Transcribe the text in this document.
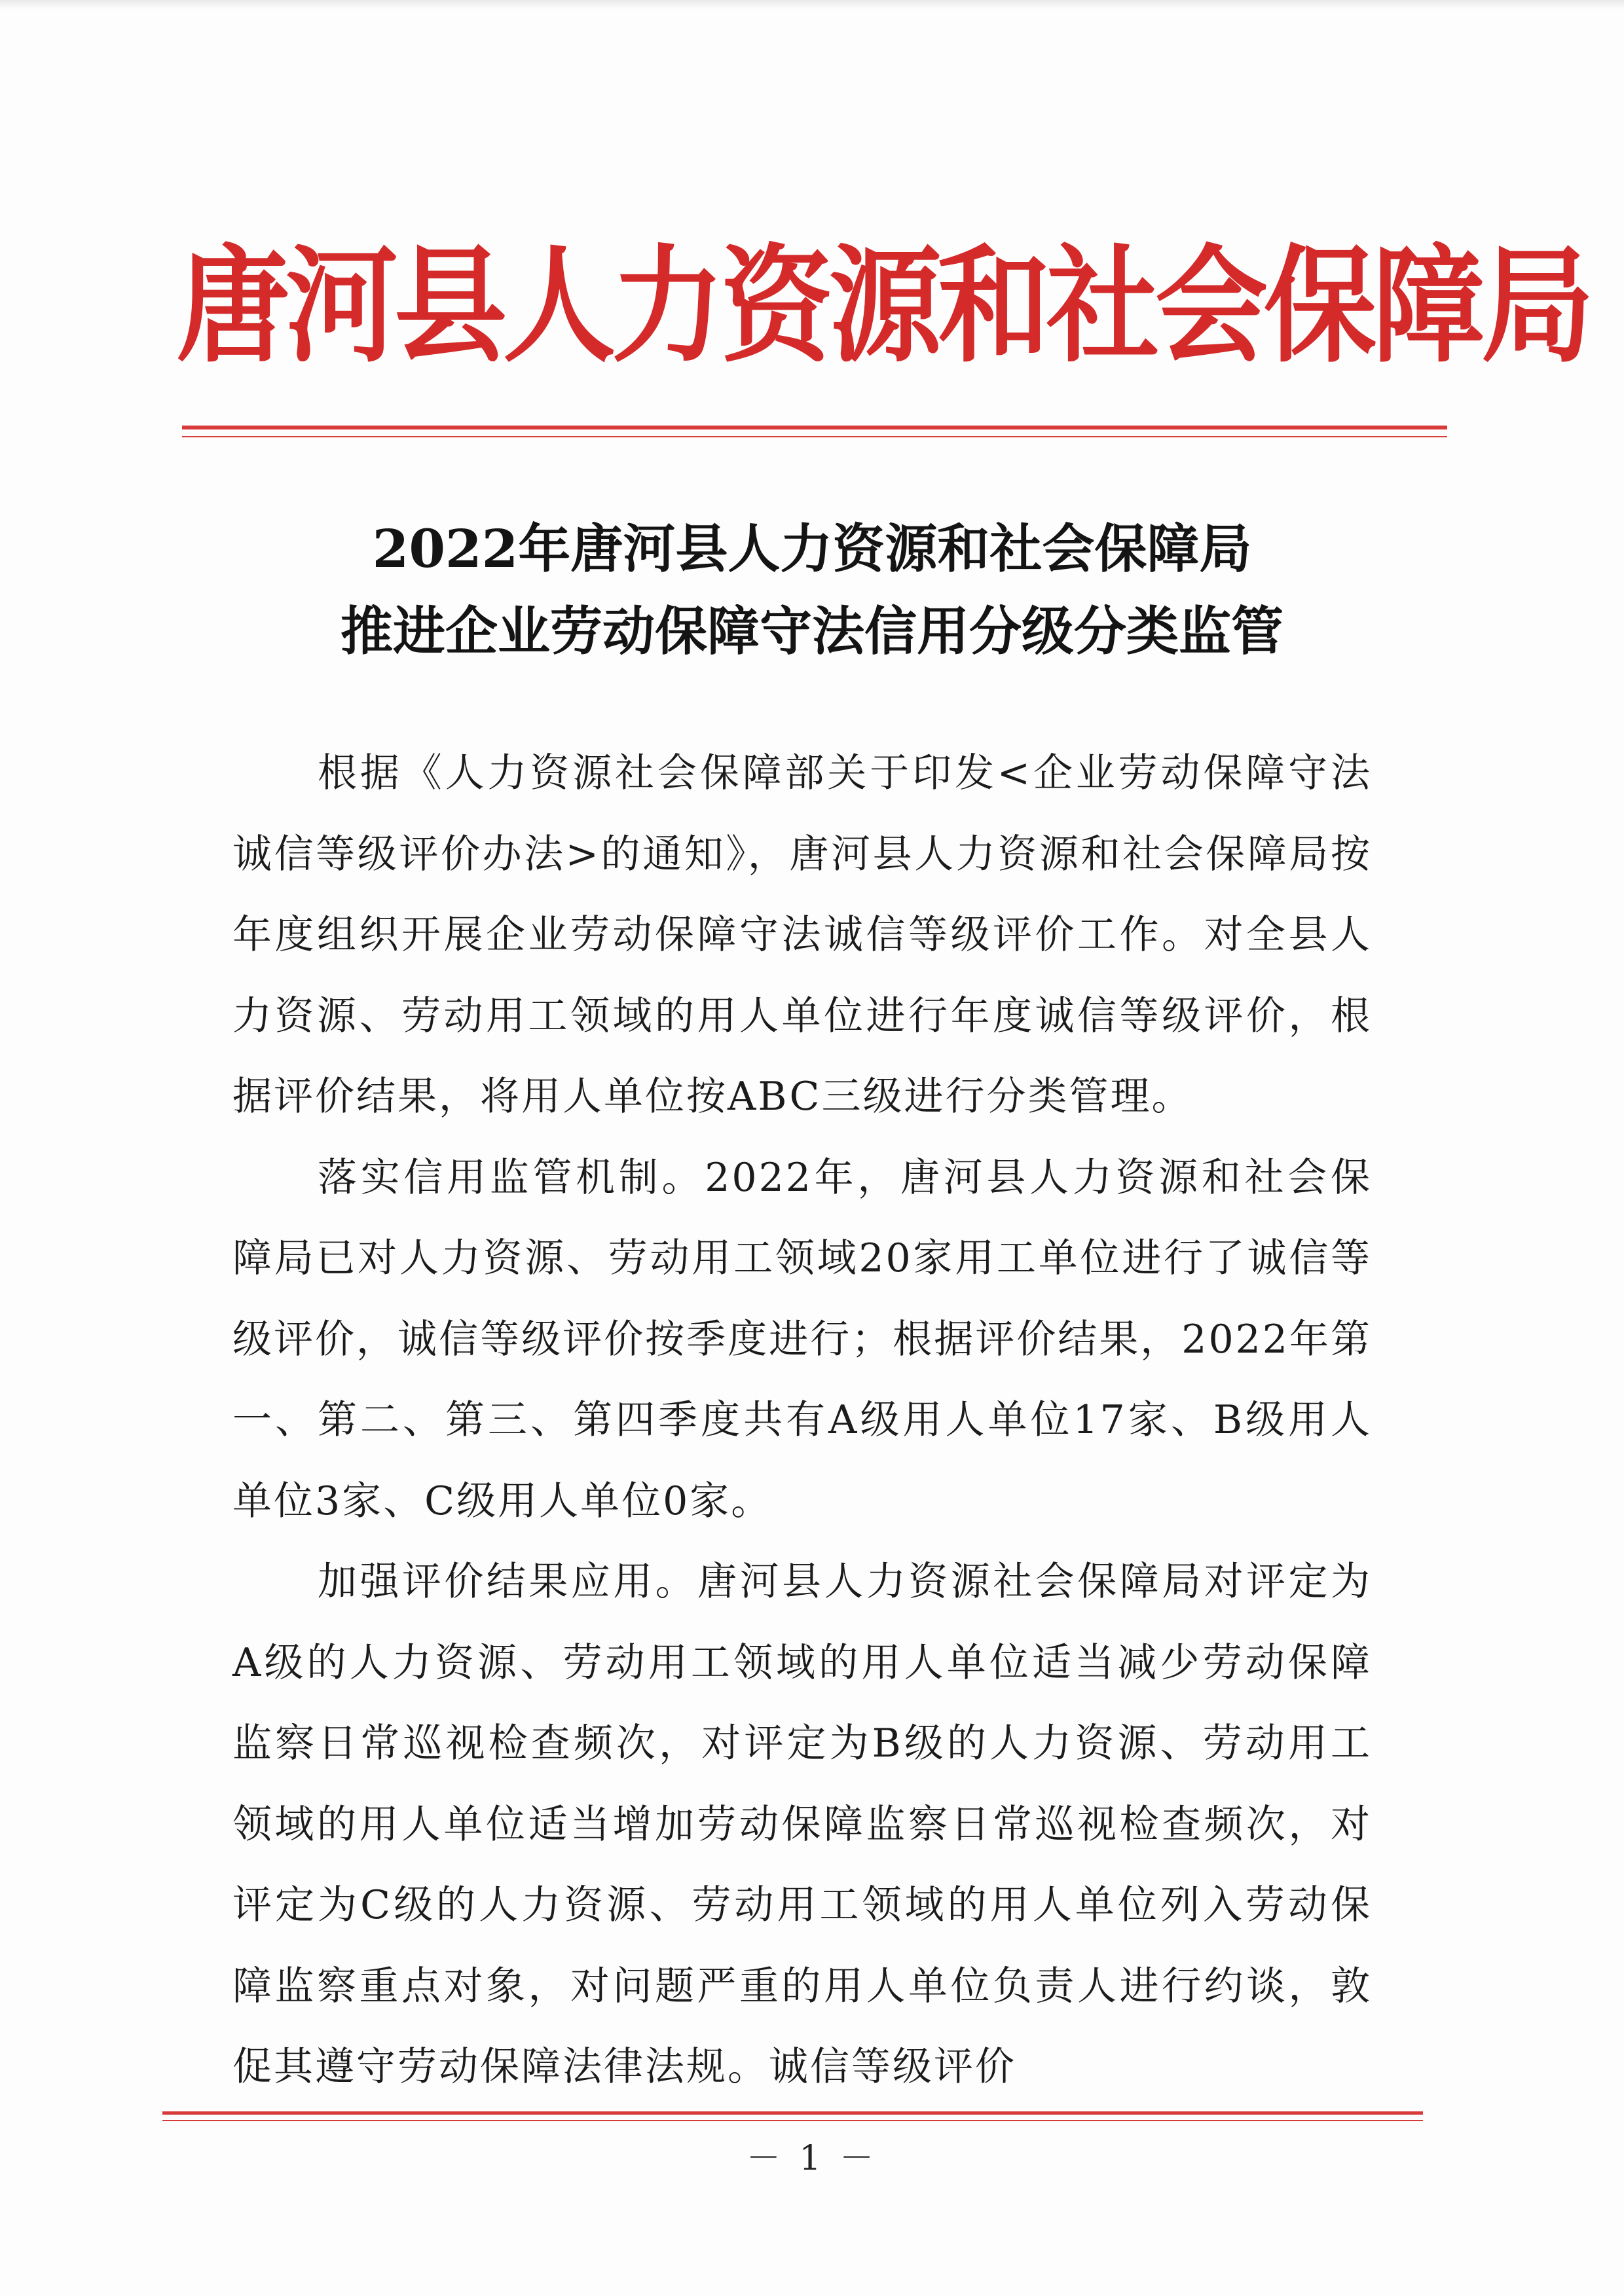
唐河县人力资源和社会保障局
2022年唐河县人力资源和社会保障局
推进企业劳动保障守法信用分级分类监管

根据《人力资源社会保障部关于印发<企业劳动保障守法诚信等级评价办法>的通知》，唐河县人力资源和社会保障局按年度组织开展企业劳动保障守法诚信等级评价工作。对全县人力资源、劳动用工领域的用人单位进行年度诚信等级评价，根据评价结果，将用人单位按ABC三级进行分类管理。

落实信用监管机制。2022年，唐河县人力资源和社会保障局已对人力资源、劳动用工领域20家用工单位进行了诚信等级评价，诚信等级评价按季度进行；根据评价结果，2022年第一、第二、第三、第四季度共有A级用人单位17家、B级用人单位3家、C级用人单位0家。

加强评价结果应用。唐河县人力资源社会保障局对评定为A级的人力资源、劳动用工领域的用人单位适当减少劳动保障监察日常巡视检查频次，对评定为B级的人力资源、劳动用工领域的用人单位适当增加劳动保障监察日常巡视检查频次，对评定为C级的人力资源、劳动用工领域的用人单位列入劳动保障监察重点对象，对问题严重的用人单位负责人进行约谈，敦促其遵守劳动保障法律法规。诚信等级评价

－ 1 －
